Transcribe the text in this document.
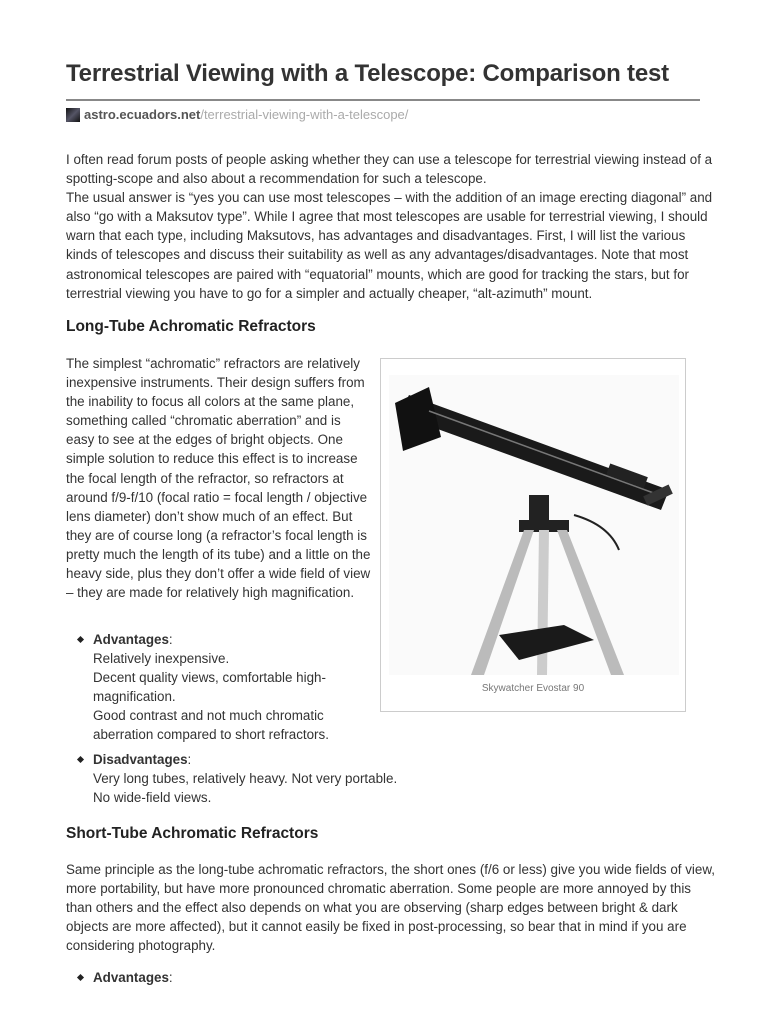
Terrestrial Viewing with a Telescope: Comparison test
astro.ecuadors.net /terrestrial-viewing-with-a-telescope/

I often read forum posts of people asking whether they can use a telescope for terrestrial viewing instead of a spotting-scope and also about a recommendation for such a telescope.

The usual answer is “yes you can use most telescopes – with the addition of an image erecting diagonal” and also “go with a Maksutov type”. While I agree that most telescopes are usable for terrestrial viewing, I should warn that each type, including Maksutovs, has advantages and disadvantages. First, I will list the various kinds of telescopes and discuss their suitability as well as any advantages/disadvantages. Note that most astronomical telescopes are paired with “equatorial” mounts, which are good for tracking the stars, but for terrestrial viewing you have to go for a simpler and actually cheaper, “alt-azimuth” mount.

Long-Tube Achromatic Refractors

The simplest “achromatic” refractors are relatively inexpensive instruments. Their design suffers from the inability to focus all colors at the same plane, something called “chromatic aberration” and is easy to see at the edges of bright objects. One simple solution to reduce this effect is to increase the focal length of the refractor, so refractors at around f/9-f/10 (focal ratio = focal length / objective lens diameter) don’t show much of an effect. But they are of course long (a refractor’s focal length is pretty much the length of its tube) and a little on the heavy side, plus they don’t offer a wide field of view – they are made for relatively high magnification.

Skywatcher Evostar 90
Advantages:
Relatively inexpensive.
Decent quality views, comfortable high-magnification.
Good contrast and not much chromatic aberration compared to short refractors.
Disadvantages:
Very long tubes, relatively heavy. Not very portable.
No wide-field views.
Short-Tube Achromatic Refractors

Same principle as the long-tube achromatic refractors, the short ones (f/6 or less) give you wide fields of view, more portability, but have more pronounced chromatic aberration. Some people are more annoyed by this than others and the effect also depends on what you are observing (sharp edges between bright & dark objects are more affected), but it cannot easily be fixed in post-processing, so bear that in mind if you are considering photography.

Advantages:
